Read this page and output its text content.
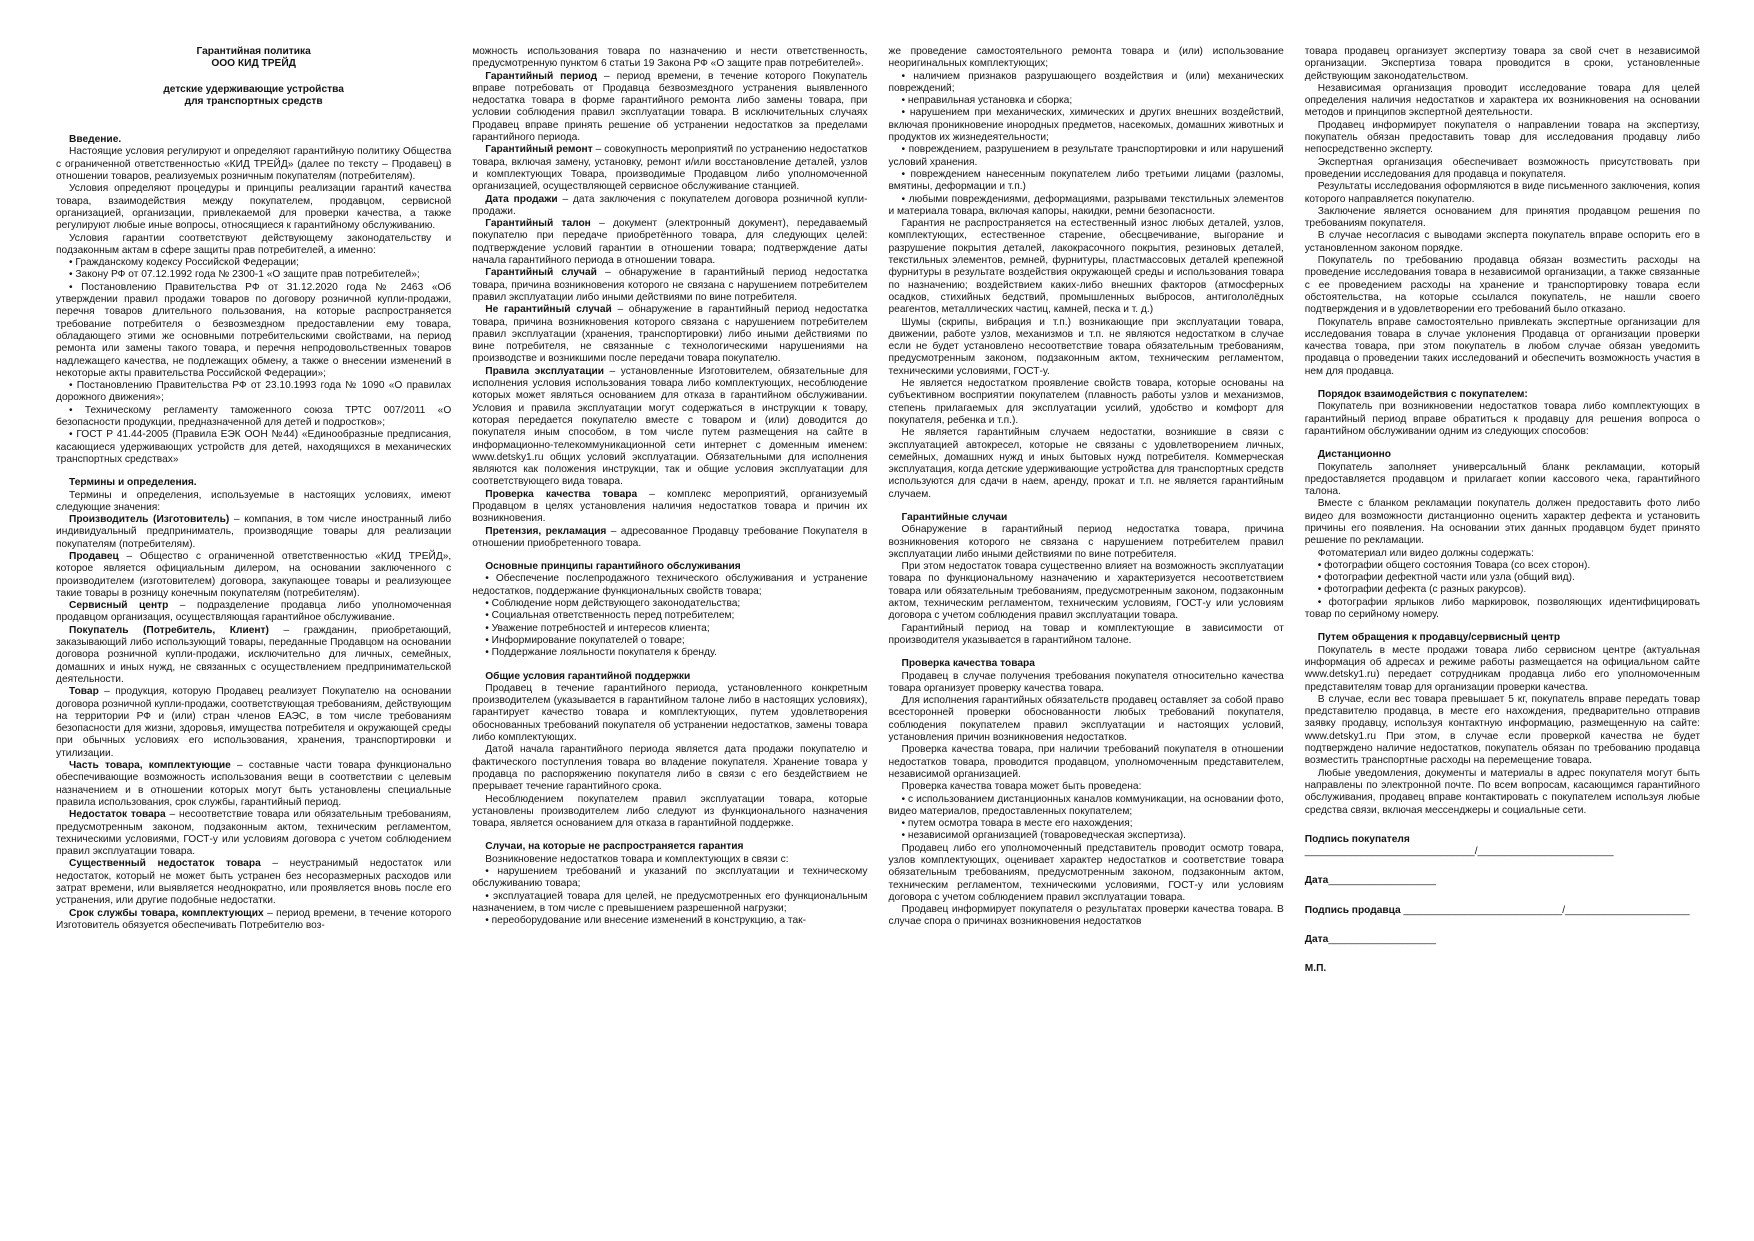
Гарантийная политика
ООО КИД ТРЕЙД
детские удерживающие устройства
для транспортных средств
Введение.
Настоящие условия регулируют и определяют гарантийную политику Общества с ограниченной ответственностью «КИД ТРЕЙД» (далее по тексту – Продавец) в отношении товаров, реализуемых розничным покупателям (потребителям).
Условия определяют процедуры и принципы реализации гарантий качества товара, взаимодействия между покупателем, продавцом, сервисной организацией, организации, привлекаемой для проверки качества, а также регулируют любые иные вопросы, относящиеся к гарантийному обслуживанию.
Условия гарантии соответствуют действующему законодательству и подзаконным актам в сфере защиты прав потребителей, а именно:
• Гражданскому кодексу Российской Федерации;
• Закону РФ от 07.12.1992 года № 2300-1 «О защите прав потребителей»;
• Постановлению Правительства РФ от 31.12.2020 года № 2463 «Об утверждении правил продажи товаров по договору розничной купли-продажи, перечня товаров длительного пользования, на которые распространяется требование потребителя о безвозмездном предоставлении ему товара, обладающего этими же основными потребительскими свойствами, на период ремонта или замены такого товара, и перечня непродовольственных товаров надлежащего качества, не подлежащих обмену, а также о внесении изменений в некоторые акты правительства Российской Федерации»;
• Постановлению Правительства РФ от 23.10.1993 года № 1090 «О правилах дорожного движения»;
• Техническому регламенту таможенного союза ТРТС 007/2011 «О безопасности продукции, предназначенной для детей и подростков»;
• ГОСТ Р 41.44-2005 (Правила ЕЭК ООН №44) «Единообразные предписания, касающиеся удерживающих устройств для детей, находящихся в механических транспортных средствах»
Термины и определения.
Термины и определения, используемые в настоящих условиях, имеют следующие значения:
Производитель (Изготовитель) – компания, в том числе иностранный либо индивидуальный предприниматель, производящие товары для реализации покупателям (потребителям).
Продавец – Общество с ограниченной ответственностью «КИД ТРЕЙД», которое является официальным дилером, на основании заключенного с производителем (изготовителем) договора, закупающее товары и реализующее такие товары в розницу конечным покупателям (потребителям).
Сервисный центр – подразделение продавца либо уполномоченная продавцом организация, осуществляющая гарантийное обслуживание.
Покупатель (Потребитель, Клиент) – гражданин, приобретающий, заказывающий либо использующий товары, переданные Продавцом на основании договора розничной купли-продажи, исключительно для личных, семейных, домашних и иных нужд, не связанных с осуществлением предпринимательской деятельности.
Товар – продукция, которую Продавец реализует Покупателю на основании договора розничной купли-продажи, соответствующая требованиям, действующим на территории РФ и (или) стран членов ЕАЭС, в том числе требованиям безопасности для жизни, здоровья, имущества потребителя и окружающей среды при обычных условиях его использования, хранения, транспортировки и утилизации.
Часть товара, комплектующие – составные части товара функционально обеспечивающие возможность использования вещи в соответствии с целевым назначением и в отношении которых могут быть установлены специальные правила использования, срок службы, гарантийный период.
Недостаток товара – несоответствие товара или обязательным требованиям, предусмотренным законом, подзаконным актом, техническим регламентом, техническими условиями, ГОСТ-у или условиям договора с учетом соблюдением правил эксплуатации товара.
Существенный недостаток товара – неустранимый недостаток или недостаток, который не может быть устранен без несоразмерных расходов или затрат времени, или выявляется неоднократно, или проявляется вновь после его устранения, или другие подобные недостатки.
Срок службы товара, комплектующих – период времени, в течение которого Изготовитель обязуется обеспечивать Потребителю воз-
можность использования товара по назначению и нести ответственность, предусмотренную пунктом 6 статьи 19 Закона РФ «О защите прав потребителей».
Гарантийный период – период времени, в течение которого Покупатель вправе потребовать от Продавца безвозмездного устранения выявленного недостатка товара в форме гарантийного ремонта либо замены товара, при условии соблюдения правил эксплуатации товара. В исключительных случаях Продавец вправе принять решение об устранении недостатков за пределами гарантийного периода.
Гарантийный ремонт – совокупность мероприятий по устранению недостатков товара, включая замену, установку, ремонт и/или восстановление деталей, узлов и комплектующих Товара, производимые Продавцом либо уполномоченной организацией, осуществляющей сервисное обслуживание станцией.
Дата продажи – дата заключения с покупателем договора розничной купли-продажи.
Гарантийный талон – документ (электронный документ), передаваемый покупателю при передаче приобретённого товара, для следующих целей: подтверждение условий гарантии в отношении товара; подтверждение даты начала гарантийного периода в отношении товара.
Гарантийный случай – обнаружение в гарантийный период недостатка товара, причина возникновения которого не связана с нарушением потребителем правил эксплуатации либо иными действиями по вине потребителя.
Не гарантийный случай – обнаружение в гарантийный период недостатка товара, причина возникновения которого связана с нарушением потребителем правил эксплуатации (хранения, транспортировки) либо иными действиями по вине потребителя, не связанные с технологическими нарушениями на производстве и возникшими после передачи товара покупателю.
Правила эксплуатации – установленные Изготовителем, обязательные для исполнения условия использования товара либо комплектующих, несоблюдение которых может являться основанием для отказа в гарантийном обслуживании. Условия и правила эксплуатации могут содержаться в инструкции к товару, которая передается покупателю вместе с товаром и (или) доводится до покупателя иным способом, в том числе путем размещения на сайте в информационно-телекоммуникационной сети интернет с доменным именем: www.detsky1.ru общих условий эксплуатации. Обязательными для исполнения являются как положения инструкции, так и общие условия эксплуатации для соответствующего вида товара.
Проверка качества товара – комплекс мероприятий, организуемый Продавцом в целях установления наличия недостатков товара и причин их возникновения.
Претензия, рекламация – адресованное Продавцу требование Покупателя в отношении приобретенного товара.
Основные принципы гарантийного обслуживания
• Обеспечение послепродажного технического обслуживания и устранение недостатков, поддержание функциональных свойств товара;
• Соблюдение норм действующего законодательства;
• Социальная ответственность перед потребителем;
• Уважение потребностей и интересов клиента;
• Информирование покупателей о товаре;
• Поддержание лояльности покупателя к бренду.
Общие условия гарантийной поддержки
Продавец в течение гарантийного периода, установленного конкретным производителем (указывается в гарантийном талоне либо в настоящих условиях), гарантирует качество товара и комплектующих, путем удовлетворения обоснованных требований покупателя об устранении недостатков, замены товара либо комплектующих.
Датой начала гарантийного периода является дата продажи покупателю и фактического поступления товара во владение покупателя. Хранение товара у продавца по распоряжению покупателя либо в связи с его бездействием не прерывает течение гарантийного срока.
Несоблюдением покупателем правил эксплуатации товара, которые установлены производителем либо следуют из функционального назначения товара, является основанием для отказа в гарантийной поддержке.
Случаи, на которые не распространяется гарантия
Возникновение недостатков товара и комплектующих в связи с:
• нарушением требований и указаний по эксплуатации и техническому обслуживанию товара;
• эксплуатацией товара для целей, не предусмотренных его функциональным назначением, в том числе с превышением разрешенной нагрузки;
• переоборудование или внесение изменений в конструкцию, а так-
же проведение самостоятельного ремонта товара и (или) использование неоригинальных комплектующих;
• наличием признаков разрушающего воздействия и (или) механических повреждений;
• неправильная установка и сборка;
• нарушением при механических, химических и других внешних воздействий, включая проникновение инородных предметов, насекомых, домашних животных и продуктов их жизнедеятельности;
• повреждением, разрушением в результате транспортировки и или нарушений условий хранения.
• повреждением нанесенным покупателем либо третьими лицами (разломы, вмятины, деформации и т.п.)
• любыми повреждениями, деформациями, разрывами текстильных элементов и материала товара, включая капоры, накидки, ремни безопасности.
Гарантия не распространяется на естественный износ любых деталей, узлов, комплектующих, естественное старение, обесцвечивание, выгорание и разрушение покрытия деталей, лакокрасочного покрытия, резиновых деталей, текстильных элементов, ремней, фурнитуры, пластмассовых деталей крепежной фурнитуры в результате воздействия окружающей среды и использования товара по назначению; воздействием каких-либо внешних факторов (атмосферных осадков, стихийных бедствий, промышленных выбросов, антигололёдных реагентов, металлических частиц, камней, песка и т. д.)
Шумы (скрипы, вибрация и т.п.) возникающие при эксплуатации товара, движении, работе узлов, механизмов и т.п. не являются недостатком в случае если не будет установлено несоответствие товара обязательным требованиям, предусмотренным законом, подзаконным актом, техническим регламентом, техническими условиями, ГОСТ-у.
Не является недостатком проявление свойств товара, которые основаны на субъективном восприятии покупателем (плавность работы узлов и механизмов, степень прилагаемых для эксплуатации усилий, удобство и комфорт для покупателя, ребенка и т.п.).
Не является гарантийным случаем недостатки, возникшие в связи с эксплуатацией автокресел, которые не связаны с удовлетворением личных, семейных, домашних нужд и иных бытовых нужд потребителя. Коммерческая эксплуатация, когда детские удерживающие устройства для транспортных средств используются для сдачи в наем, аренду, прокат и т.п. не является гарантийным случаем.
Гарантийные случаи
Обнаружение в гарантийный период недостатка товара, причина возникновения которого не связана с нарушением потребителем правил эксплуатации либо иными действиями по вине потребителя.
При этом недостаток товара существенно влияет на возможность эксплуатации товара по функциональному назначению и характеризуется несоответствием товара или обязательным требованиям, предусмотренным законом, подзаконным актом, техническим регламентом, техническим условиям, ГОСТ-у или условиям договора с учетом соблюдения правил эксплуатации товара.
Гарантийный период на товар и комплектующие в зависимости от производителя указывается в гарантийном талоне.
Проверка качества товара
Продавец в случае получения требования покупателя относительно качества товара организует проверку качества товара.
Для исполнения гарантийных обязательств продавец оставляет за собой право всесторонней проверки обоснованности любых требований покупателя, соблюдения покупателем правил эксплуатации и настоящих условий, установления причин возникновения недостатков.
Проверка качества товара, при наличии требований покупателя в отношении недостатков товара, проводится продавцом, уполномоченным представителем, независимой организацией.
Проверка качества товара может быть проведена:
• с использованием дистанционных каналов коммуникации, на основании фото, видео материалов, предоставленных покупателем;
• путем осмотра товара в месте его нахождения;
• независимой организацией (товароведческая экспертиза).
Продавец либо его уполномоченный представитель проводит осмотр товара, узлов комплектующих, оценивает характер недостатков и соответствие товара обязательным требованиям, предусмотренным законом, подзаконным актом, техническим регламентом, техническими условиями, ГОСТ-у или условиям договора с учетом соблюдением правил эксплуатации товара.
Продавец информирует покупателя о результатах проверки качества товара. В случае спора о причинах возникновения недостатков
товара продавец организует экспертизу товара за свой счет в независимой организации. Экспертиза товара проводится в сроки, установленные действующим законодательством.
Независимая организация проводит исследование товара для целей определения наличия недостатков и характера их возникновения на основании методов и принципов экспертной деятельности.
Продавец информирует покупателя о направлении товара на экспертизу, покупатель обязан предоставить товар для исследования продавцу либо непосредственно эксперту.
Экспертная организация обеспечивает возможность присутствовать при проведении исследования для продавца и покупателя.
Результаты исследования оформляются в виде письменного заключения, копия которого направляется покупателю.
Заключение является основанием для принятия продавцом решения по требованиям покупателя.
В случае несогласия с выводами эксперта покупатель вправе оспорить его в установленном законом порядке.
Покупатель по требованию продавца обязан возместить расходы на проведение исследования товара в независимой организации, а также связанные с ее проведением расходы на хранение и транспортировку товара если обстоятельства, на которые ссылался покупатель, не нашли своего подтверждения и в удовлетворении его требований было отказано.
Покупатель вправе самостоятельно привлекать экспертные организации для исследования товара в случае уклонения Продавца от организации проверки качества товара, при этом покупатель в любом случае обязан уведомить продавца о проведении таких исследований и обеспечить возможность участия в нем для продавца.
Порядок взаимодействия с покупателем:
Покупатель при возникновении недостатков товара либо комплектующих в гарантийный период вправе обратиться к продавцу для решения вопроса о гарантийном обслуживании одним из следующих способов:
Дистанционно
Покупатель заполняет универсальный бланк рекламации, который предоставляется продавцом и прилагает копии кассового чека, гарантийного талона.
Вместе с бланком рекламации покупатель должен предоставить фото либо видео для возможности дистанционно оценить характер дефекта и установить причины его появления. На основании этих данных продавцом будет принято решение по рекламации.
Фотоматериал или видео должны содержать:
• фотографии общего состояния Товара (со всех сторон).
• фотографии дефектной части или узла (общий вид).
• фотографии дефекта (с разных ракурсов).
• фотографии ярлыков либо маркировок, позволяющих идентифицировать товар по серийному номеру.
Путем обращения к продавцу/сервисный центр
Покупатель в месте продажи товара либо сервисном центре (актуальная информация об адресах и режиме работы размещается на официальном сайте www.detsky1.ru) передает сотрудникам продавца либо его уполномоченным представителям товар для организации проверки качества.
В случае, если вес товара превышает 5 кг, покупатель вправе передать товар представителю продавца, в месте его нахождения, предварительно отправив заявку продавцу, используя контактную информацию, размещенную на сайте: www.detsky1.ru При этом, в случае если проверкой качества не будет подтверждено наличие недостатков, покупатель обязан по требованию продавца возместить транспортные расходы на перемещение товара.
Любые уведомления, документы и материалы в адрес покупателя могут быть направлены по электронной почте. По всем вопросам, касающимся гарантийного обслуживания, продавец вправе контактировать с покупателем используя любые средства связи, включая мессенджеры и социальные сети.
Подпись покупателя ______________________________/________________________
Дата___________________
Подпись продавца ____________________________/______________________
Дата___________________
М.П.
